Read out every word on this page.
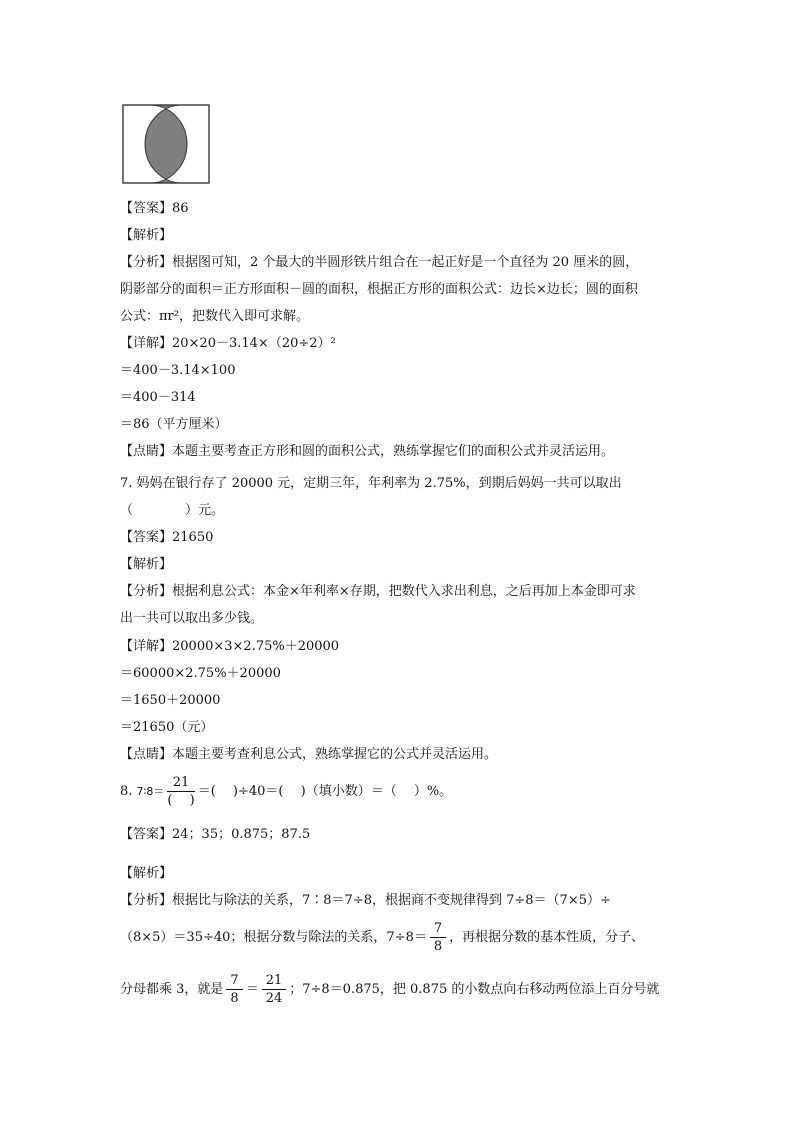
【答案】86
【解析】
【分析】根据图可知，2 个最大的半圆形铁片组合在一起正好是一个直径为 20 厘米的圆，
阴影部分的面积＝正方形面积－圆的面积，根据正方形的面积公式：边长×边长；圆的面积
公式：πr²，把数代入即可求解。
【详解】20×20－3.14×（20÷2）²
＝400－3.14×100
＝400－314
＝86（平方厘米）
【点睛】本题主要考查正方形和圆的面积公式，熟练掌握它们的面积公式并灵活运用。
7. 妈妈在银行存了 20000 元，定期三年，年利率为 2.75%，到期后妈妈一共可以取出
（　　　　）元。
【答案】21650
【解析】
【分析】根据利息公式：本金×年利率×存期，把数代入求出利息，之后再加上本金即可求
出一共可以取出多少钱。
【详解】20000×3×2.75%＋20000
＝60000×2.75%＋20000
＝1650＋20000
＝21650（元）
【点睛】本题主要考查利息公式，熟练掌握它的公式并灵活运用。
8. 7∶8＝ $\frac{21}{( )}$ ＝(　 )÷40＝(　 )（填小数）＝（　 ）%。
【答案】24；35；0.875；87.5
【解析】
【分析】根据比与除法的关系，7∶8＝7÷8，根据商不变规律得到 7÷8＝（7×5）÷
（8×5）＝35÷40；根据分数与除法的关系，$7\div 8= \frac{7}{8}$ ，再根据分数的基本性质，分子、
分母都乘 3，就是 $\frac{7}{8} = \frac{21}{24}$ ；7÷8＝0.875，把 0.875 的小数点向右移动两位添上百分号就
